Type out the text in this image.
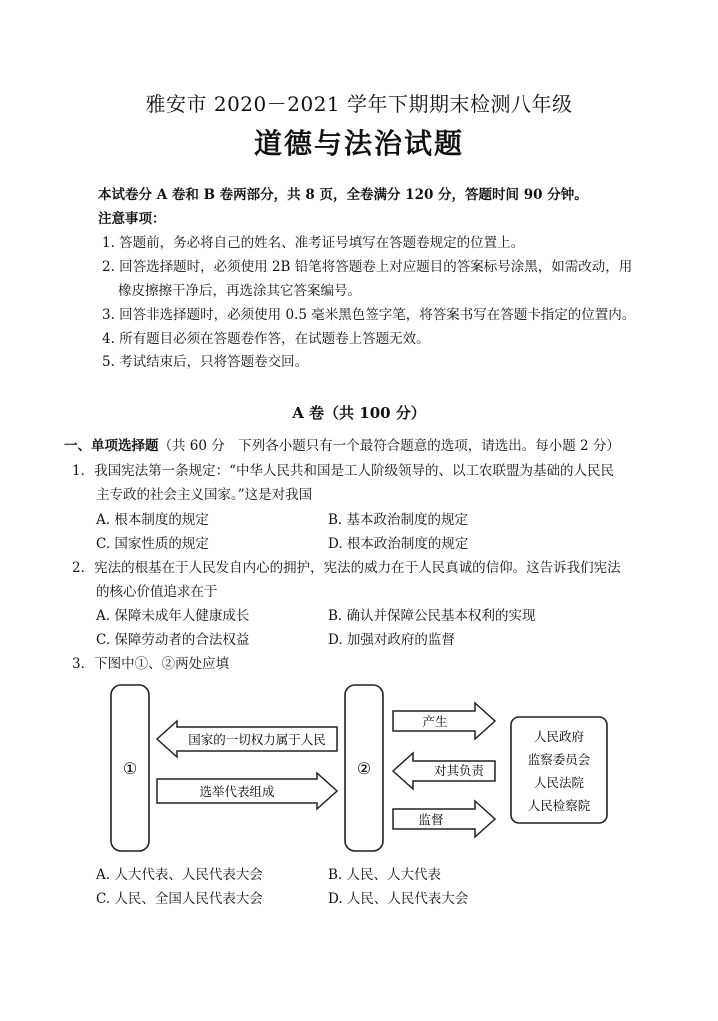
雅安市 2020－2021 学年下期期末检测八年级
道德与法治试题
本试卷分 A 卷和 B 卷两部分，共 8 页，全卷满分 120 分，答题时间 90 分钟。
注意事项：
1. 答题前，务必将自己的姓名、准考证号填写在答题卷规定的位置上。
2. 回答选择题时，必须使用 2B 铅笔将答题卷上对应题目的答案标号涂黑，如需改动，用
橡皮擦擦干净后，再选涂其它答案编号。
3. 回答非选择题时，必须使用 0.5 毫米黑色签字笔，将答案书写在答题卡指定的位置内。
4. 所有题目必须在答题卷作答，在试题卷上答题无效。
5. 考试结束后，只将答题卷交回。
A 卷（共 100 分）
一、单项选择题（共 60 分　下列各小题只有一个最符合题意的选项，请选出。每小题 2 分）
1．我国宪法第一条规定：“中华人民共和国是工人阶级领导的、以工农联盟为基础的人民民
主专政的社会主义国家。”这是对我国
A. 根本制度的规定	B. 基本政治制度的规定
C. 国家性质的规定	D. 根本政治制度的规定
2．宪法的根基在于人民发自内心的拥护，宪法的威力在于人民真诚的信仰。这告诉我们宪法
的核心价值追求在于
A. 保障未成年人健康成长	B. 确认并保障公民基本权利的实现
C. 保障劳动者的合法权益	D. 加强对政府的监督
3．下图中①、②两处应填
①	②
国家的一切权力属于人民
选举代表组成
产生
对其负责
监督
人民政府
监察委员会
人民法院
人民检察院
A. 人大代表、人民代表大会	B. 人民、人大代表
C. 人民、全国人民代表大会	D. 人民、人民代表大会
